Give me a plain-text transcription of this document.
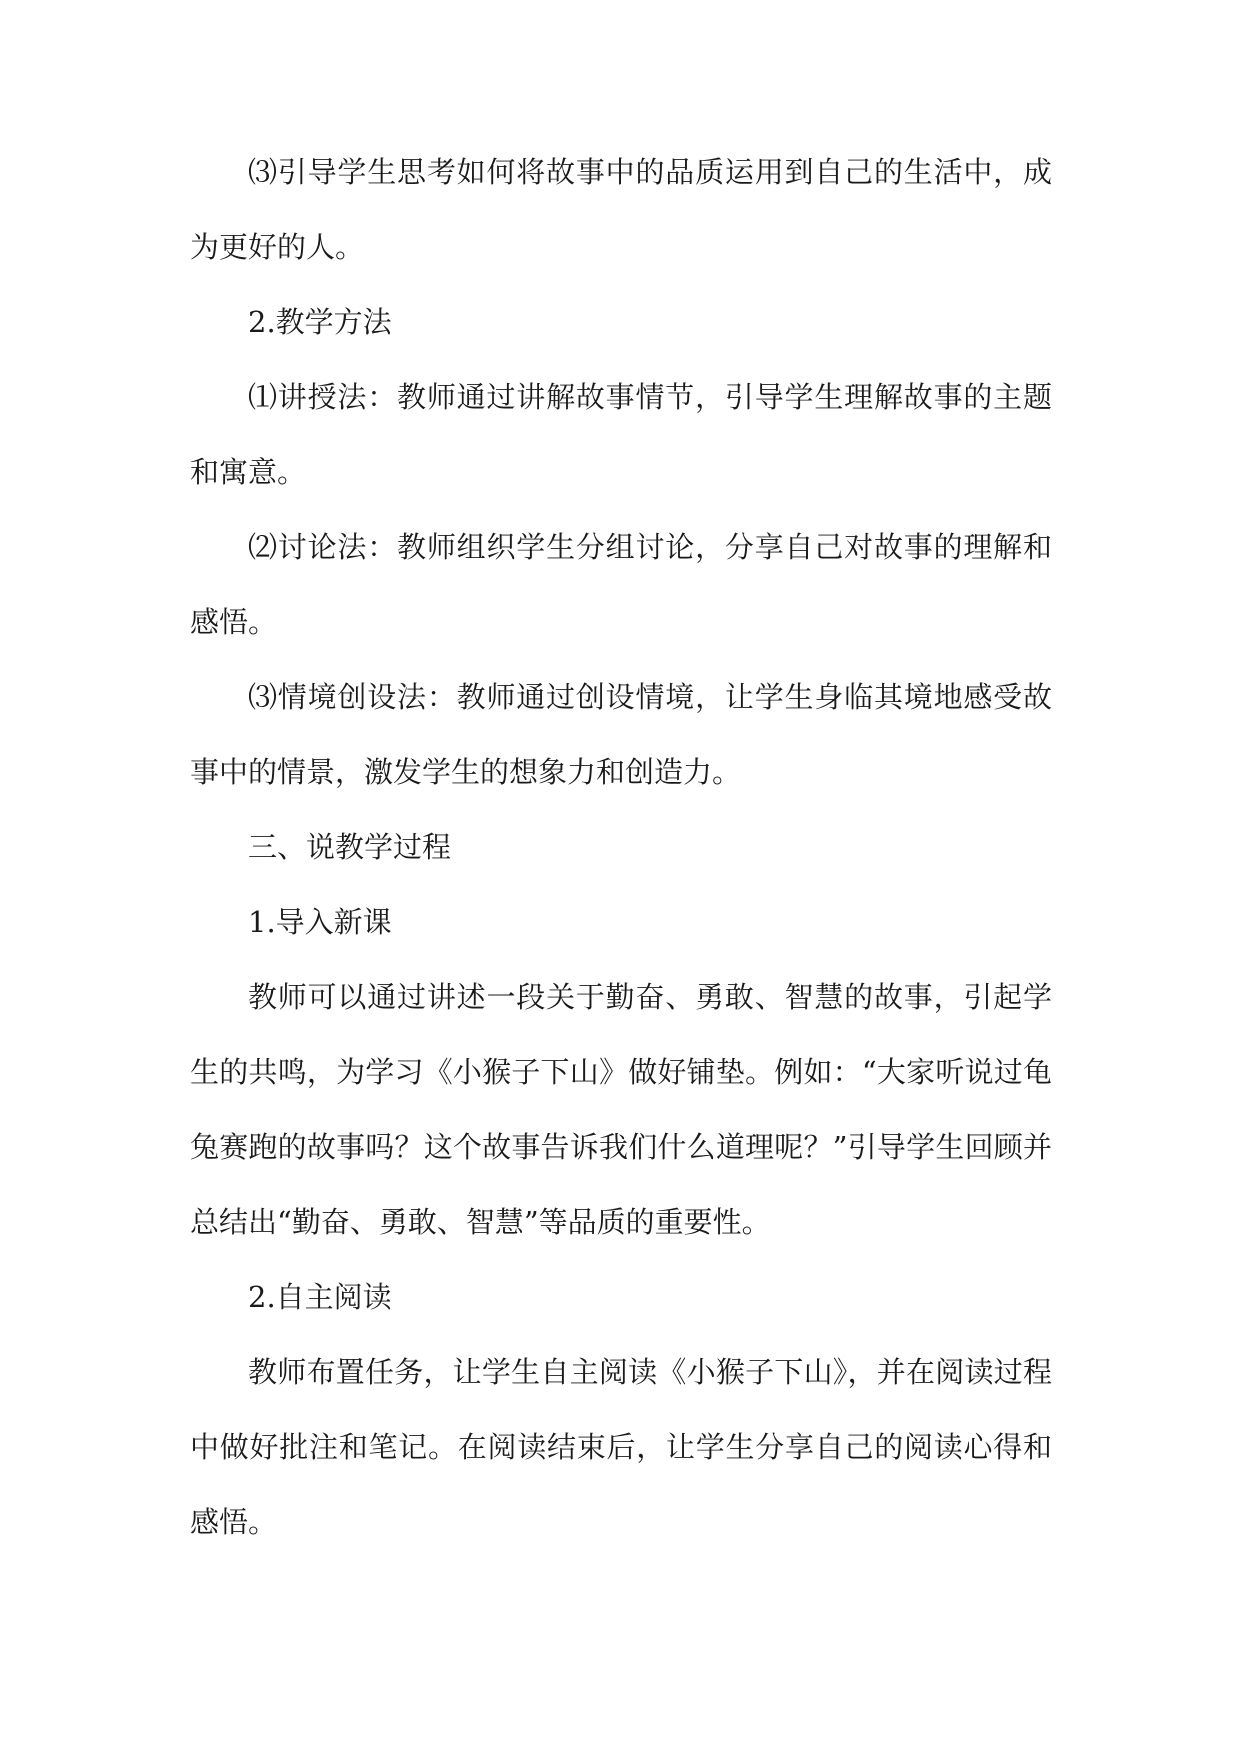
⑶引导学生思考如何将故事中的品质运用到自己的生活中，成为更好的人。

2.教学方法

⑴讲授法：教师通过讲解故事情节，引导学生理解故事的主题和寓意。

⑵讨论法：教师组织学生分组讨论，分享自己对故事的理解和感悟。

⑶情境创设法：教师通过创设情境，让学生身临其境地感受故事中的情景，激发学生的想象力和创造力。

三、说教学过程

1.导入新课

教师可以通过讲述一段关于勤奋、勇敢、智慧的故事，引起学生的共鸣，为学习《小猴子下山》做好铺垫。例如：“大家听说过龟兔赛跑的故事吗？这个故事告诉我们什么道理呢？”引导学生回顾并总结出“勤奋、勇敢、智慧”等品质的重要性。

2.自主阅读

教师布置任务，让学生自主阅读《小猴子下山》，并在阅读过程中做好批注和笔记。在阅读结束后，让学生分享自己的阅读心得和感悟。
